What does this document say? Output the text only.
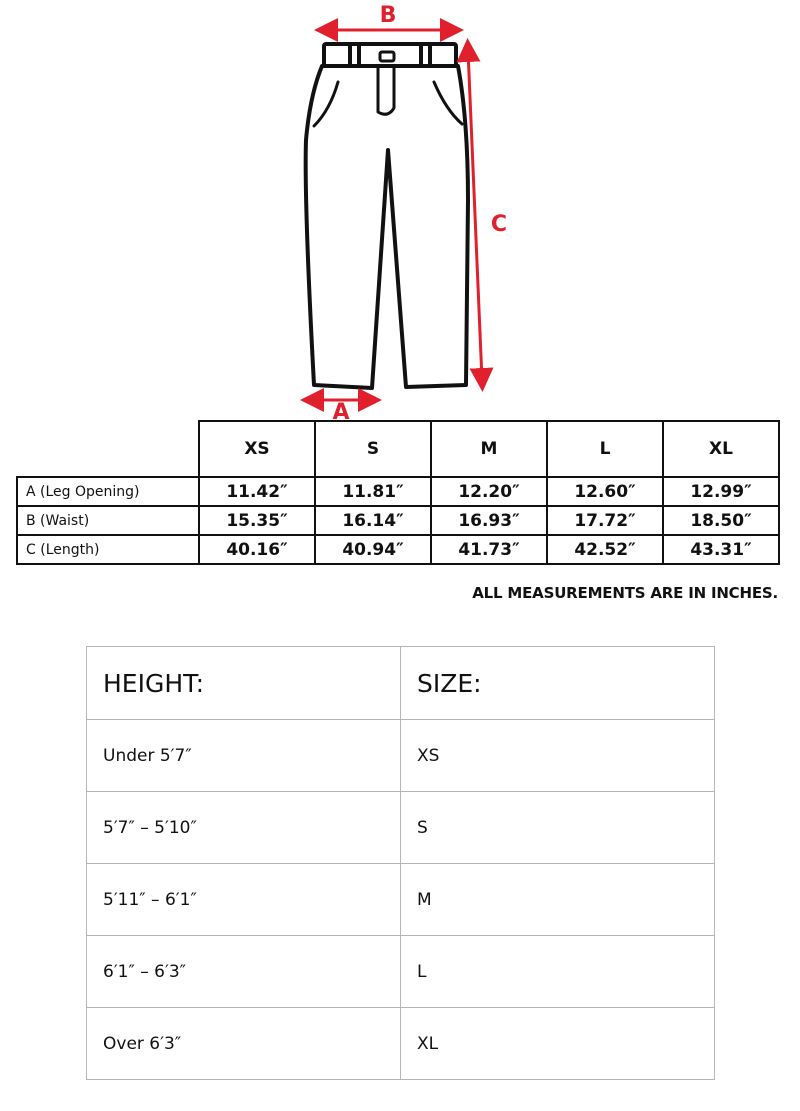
B
C
A
	XS	S	M	L	XL
A (Leg Opening)	11.42″	11.81″	12.20″	12.60″	12.99″
B (Waist)	15.35″	16.14″	16.93″	17.72″	18.50″
C (Length)	40.16″	40.94″	41.73″	42.52″	43.31″
ALL MEASUREMENTS ARE IN INCHES.
HEIGHT:	SIZE:
Under 5′7″	XS
5′7″ – 5′10″	S
5′11″ – 6′1″	M
6′1″ – 6′3″	L
Over 6′3″	XL
